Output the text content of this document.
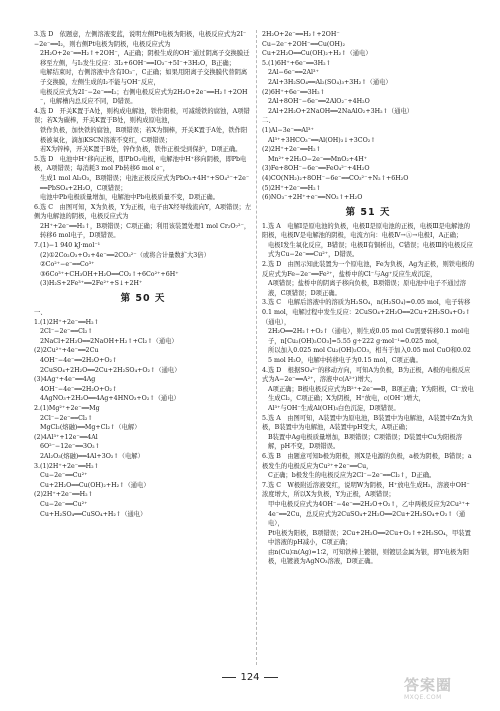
3.选 D　依题意，左侧溶液变蓝，说明左侧Pt电极为阳极，电极反应式为2I⁻−2e⁻══I₂，则右侧Pt电极为阴极，电极反应式为

2H₂O+2e⁻══H₂↑+2OH⁻，A正确；阴极生成的OH⁻通过阴离子交换膜迁移至左侧，与I₂发生反应：3I₂+6OH⁻══IO₃⁻+5I⁻+3H₂O，B正确；

电解结束时，右侧溶液中含有IO₃⁻，C正确；如果用阳离子交换膜代替阴离子交换膜，左侧生成的I₂不能与OH⁻反应，

电极反应式为2I⁻−2e⁻══I₂；右侧电极反应式为2H₂O+2e⁻══H₂↑+2OH⁻，电解槽内总反应不同，D错误。

4.选 D　开关K置于A处，则构成电解池，铁作阳极，可减缓铁的腐蚀，A项错误；若X为碳棒，开关K置于B处，则构成原电池，

铁作负极，加快铁的腐蚀，B项错误；若X为铜棒，开关K置于A处，铁作阳极被氧化，滴加KSCN溶液不变红，C项错误；

若X为锌棒，开关K置于B处，锌作负极，铁作正极受到保护，D项正确。

5.选 D　电池中H⁺移向正极，即PbO₂电极，电解池中H⁺移向阴极，即Pb电极，A项错误；每消耗3 mol Pb转移6 mol e⁻，

生成1 mol Al₂O₃，B项错误；电池正极反应式为PbO₂+4H⁺+SO₄²⁻+2e⁻══PbSO₄+2H₂O，C项错误；

电池中Pb电极质量增加，电解池中Pb电极质量不变，D项正确。

6.选 C　由图可知，X为负极，Y为正极，电子由X经导线流向Y，A项错误；左侧为电解池的阴极，电极反应式为

2H⁺+2e⁻══H₂↑，B项错误；C项正确；利用该装置处理1 mol Cr₂O₇²⁻，转移6 mol电子，D项错误。

7.(1)−1 940 kJ·mol⁻¹

(2)①2Co₂O₃+O₂+4e⁻══2CO₃²⁻（或将合计量数扩大3倍）

②Co²⁺−e⁻══Co³⁺

③6Co³⁺+CH₃OH+H₂O══CO₂↑+6Co²⁺+6H⁺

(3)H₂S+2Fe³⁺══2Fe²⁺+S↓+2H⁺

第 50 天

一、

1.(1)2H⁺+2e⁻══H₂↑

2Cl⁻−2e⁻══Cl₂↑

2NaCl+2H₂O══2NaOH+H₂↑+Cl₂↑（通电）

(2)2Cu²⁺+4e⁻══2Cu

4OH⁻−4e⁻══2H₂O+O₂↑

2CuSO₄+2H₂O══2Cu+2H₂SO₄+O₂↑（通电）

(3)4Ag⁺+4e⁻══4Ag

4OH⁻−4e⁻══2H₂O+O₂↑

4AgNO₃+2H₂O══4Ag+4HNO₃+O₂↑（通电）

2.(1)Mg²⁺+2e⁻══Mg

2Cl⁻−2e⁻══Cl₂↑

MgCl₂(熔融)══Mg+Cl₂↑（电解）

(2)4Al³⁺+12e⁻══4Al

6O²⁻−12e⁻══3O₂↑

2Al₂O₃(熔融)══4Al+3O₂↑（电解）

3.(1)2H⁺+2e⁻══H₂↑

Cu−2e⁻══Cu²⁺

Cu+2H₂O══Cu(OH)₂+H₂↑（通电）

(2)2H⁺+2e⁻══H₂↑

Cu−2e⁻══Cu²⁺

Cu+H₂SO₄══CuSO₄+H₂↑（通电）

2H₂O+2e⁻══H₂↑+2OH⁻

Cu−2e⁻+2OH⁻══Cu(OH)₂

Cu+2H₂O══Cu(OH)₂+H₂↑（通电）

5.(1)6H⁺+6e⁻══3H₂↑

2Al−6e⁻══2Al³⁺

2Al+3H₂SO₄══Al₂(SO₄)₃+3H₂↑（通电）

(2)6H⁺+6e⁻══3H₂↑

2Al+8OH⁻−6e⁻══2AlO₂⁻+4H₂O

2Al+2H₂O+2NaOH══2NaAlO₂+3H₂↑（通电）

二、

(1)Al−3e⁻══Al³⁺

Al³⁺+3HCO₃⁻══Al(OH)₃↓+3CO₂↑

(2)2H⁺+2e⁻══H₂↑

Mn²⁺+2H₂O−2e⁻══MnO₂+4H⁺

(3)Fe+8OH⁻−6e⁻══FeO₄²⁻+4H₂O

(4)CO(NH₂)₂+8OH⁻−6e⁻══CO₃²⁻+N₂↑+6H₂O

(5)2H⁺+2e⁻══H₂↑

(6)NO₃⁻+2H⁺+e⁻══NO₂↑+H₂O

第 51 天

1.选 A　电解Ⅰ是原电池的负极，电极Ⅱ是原电池的正极，电极Ⅲ是电解池的阳极，电极Ⅳ是电解池的阴极，电流方向：电极Ⅳ→Ⓐ→电极Ⅰ，A正确；

电极Ⅰ发生氧化反应，B错误；电极Ⅱ有铜析出，C错误；电极Ⅲ的电极反应式为Cu−2e⁻══Cu²⁺，D错误。

2.选 D　由图示知此装置为一个原电池，Fe为负极，Ag为正极，则铁电极的反应式为Fe−2e⁻══Fe²⁺，盐桥中的Cl⁻与Ag⁺反应生成沉淀，

A项错误；盐桥中的阴离子移向负极，B项错误；原电池中电子不通过溶液，C项错误；D项正确。

3.选 C　电解后溶液中的溶质为H₂SO₄，n(H₂SO₄)=0.05 mol，电子转移0.1 mol，电解过程中发生反应：2CuSO₄+2H₂O══2Cu+2H₂SO₄+O₂↑（通电），

2H₂O══2H₂↑+O₂↑（通电），则生成0.05 mol Cu需要转移0.1 mol电子，n[Cu₂(OH)₂CO₃]=5.55 g÷222 g·mol⁻¹=0.025 mol，

所以加入0.025 mol Cu₂(OH)₂CO₃，相当于加入0.05 mol CuO和0.025 mol H₂O，电解中转移电子为0.15 mol，C项正确。

4.选 D　根据SO₄²⁻的移动方向，可知A为负极，B为正极，A极的电极反应式为A−2e⁻══A²⁺，溶液中c(A²⁺)增大，

A项正确；B极电极反应式为B²⁺+2e⁻══B，B项正确；Y为阳极，Cl⁻放电生成Cl₂，C项正确；X为阴极，H⁺放电，c(OH⁻)增大，

Al³⁺与OH⁻生成Al(OH)₃白色沉淀，D项错误。

5.选 A　由图可知，A装置中为原电池，B装置中为电解池，A装置中Zn为负极，B装置中为电解池，A装置中pH变大，A项正确；

B装置中Ag电极质量增加，B项错误；C项错误；D装置中Cu为阳极溶解，pH不变，D项错误。

6.选 B　由题意可知b极为阳极，则X是电源的负极，a极为阴极，B错误；a极发生的电极反应为Cu²⁺+2e⁻══Cu，

C正确；b极发生的电极反应为2Cl⁻−2e⁻══Cl₂↑，D正确。

7.选 C　W极附近溶液变红，说明W为阴极，H⁺放电生成H₂，溶液中OH⁻浓度增大，所以X为负极，Y为正极，A项错误；

甲中电极反应式为4OH⁻−4e⁻══2H₂O+O₂↑，乙中两极反应为2Cu²⁺+4e⁻══2Cu，总反应式为2CuSO₄+2H₂O══2Cu+2H₂SO₄+O₂↑（通电），

Pt电极为阳极，B项错误；2Cu+2H₂O══2Cu+O₂↑+2H₂SO₄，甲装置中溶液的pH减小，C项正确；

由n(Cu)∶n(Ag)=1∶2，可知铁棒上镀银，则镀层金属为银，即Y电极为阳极，电镀液为AgNO₃溶液，D项正确。

124	答案圈
MXQE.COM
